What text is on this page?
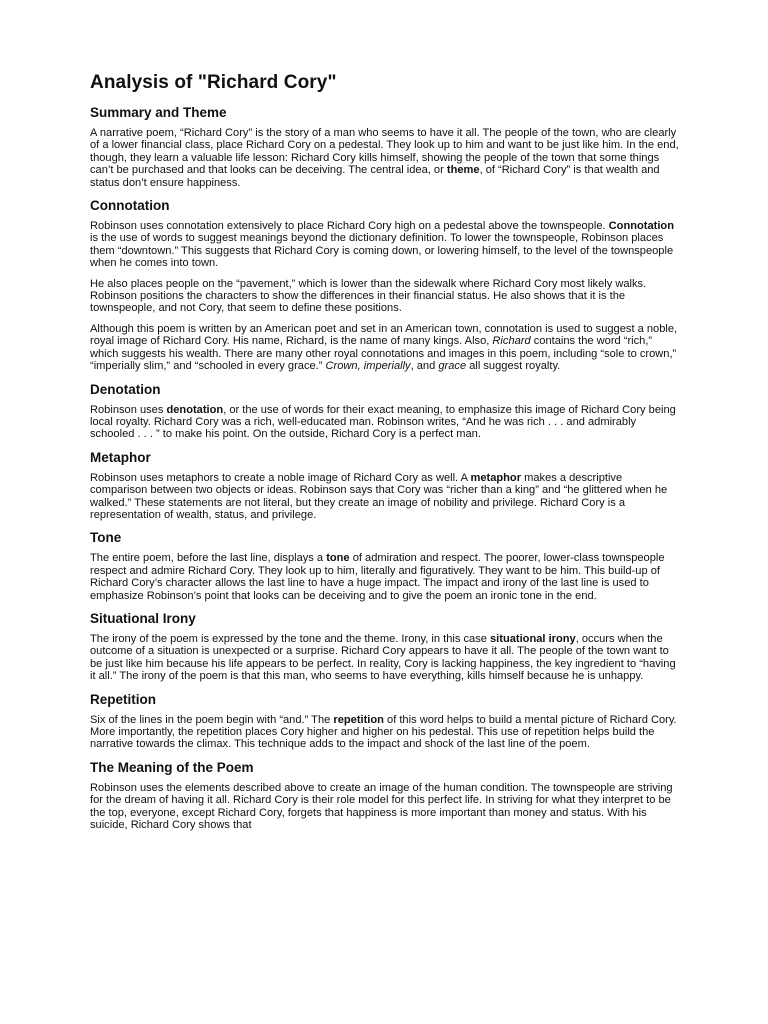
Analysis of "Richard Cory"
Summary and Theme

A narrative poem, “Richard Cory” is the story of a man who seems to have it all. The people of the town, who are clearly of a lower financial class, place Richard Cory on a pedestal. They look up to him and want to be just like him. In the end, though, they learn a valuable life lesson: Richard Cory kills himself, showing the people of the town that some things can’t be purchased and that looks can be deceiving. The central idea, or theme, of “Richard Cory” is that wealth and status don’t ensure happiness.

Connotation

Robinson uses connotation extensively to place Richard Cory high on a pedestal above the townspeople. Connotation is the use of words to suggest meanings beyond the dictionary definition. To lower the townspeople, Robinson places them “downtown.” This suggests that Richard Cory is coming down, or lowering himself, to the level of the townspeople when he comes into town.

He also places people on the “pavement,” which is lower than the sidewalk where Richard Cory most likely walks. Robinson positions the characters to show the differences in their financial status. He also shows that it is the townspeople, and not Cory, that seem to define these positions.

Although this poem is written by an American poet and set in an American town, connotation is used to suggest a noble, royal image of Richard Cory. His name, Richard, is the name of many kings. Also, Richard contains the word “rich,” which suggests his wealth. There are many other royal connotations and images in this poem, including “sole to crown,” “imperially slim,” and “schooled in every grace.” Crown, imperially, and grace all suggest royalty.

Denotation

Robinson uses denotation, or the use of words for their exact meaning, to emphasize this image of Richard Cory being local royalty. Richard Cory was a rich, well-educated man. Robinson writes, “And he was rich . . . and admirably schooled . . . ” to make his point. On the outside, Richard Cory is a perfect man.

Metaphor

Robinson uses metaphors to create a noble image of Richard Cory as well. A metaphor makes a descriptive comparison between two objects or ideas. Robinson says that Cory was “richer than a king” and “he glittered when he walked.” These statements are not literal, but they create an image of nobility and privilege. Richard Cory is a representation of wealth, status, and privilege.

Tone

The entire poem, before the last line, displays a tone of admiration and respect. The poorer, lower-class townspeople respect and admire Richard Cory. They look up to him, literally and figuratively. They want to be him. This build-up of Richard Cory’s character allows the last line to have a huge impact. The impact and irony of the last line is used to emphasize Robinson’s point that looks can be deceiving and to give the poem an ironic tone in the end.

Situational Irony

The irony of the poem is expressed by the tone and the theme. Irony, in this case situational irony, occurs when the outcome of a situation is unexpected or a surprise. Richard Cory appears to have it all. The people of the town want to be just like him because his life appears to be perfect. In reality, Cory is lacking happiness, the key ingredient to “having it all.” The irony of the poem is that this man, who seems to have everything, kills himself because he is unhappy.

Repetition

Six of the lines in the poem begin with “and.” The repetition of this word helps to build a mental picture of Richard Cory. More importantly, the repetition places Cory higher and higher on his pedestal. This use of repetition helps build the narrative towards the climax. This technique adds to the impact and shock of the last line of the poem.

The Meaning of the Poem

Robinson uses the elements described above to create an image of the human condition. The townspeople are striving for the dream of having it all. Richard Cory is their role model for this perfect life. In striving for what they interpret to be the top, everyone, except Richard Cory, forgets that happiness is more important than money and status. With his suicide, Richard Cory shows that
